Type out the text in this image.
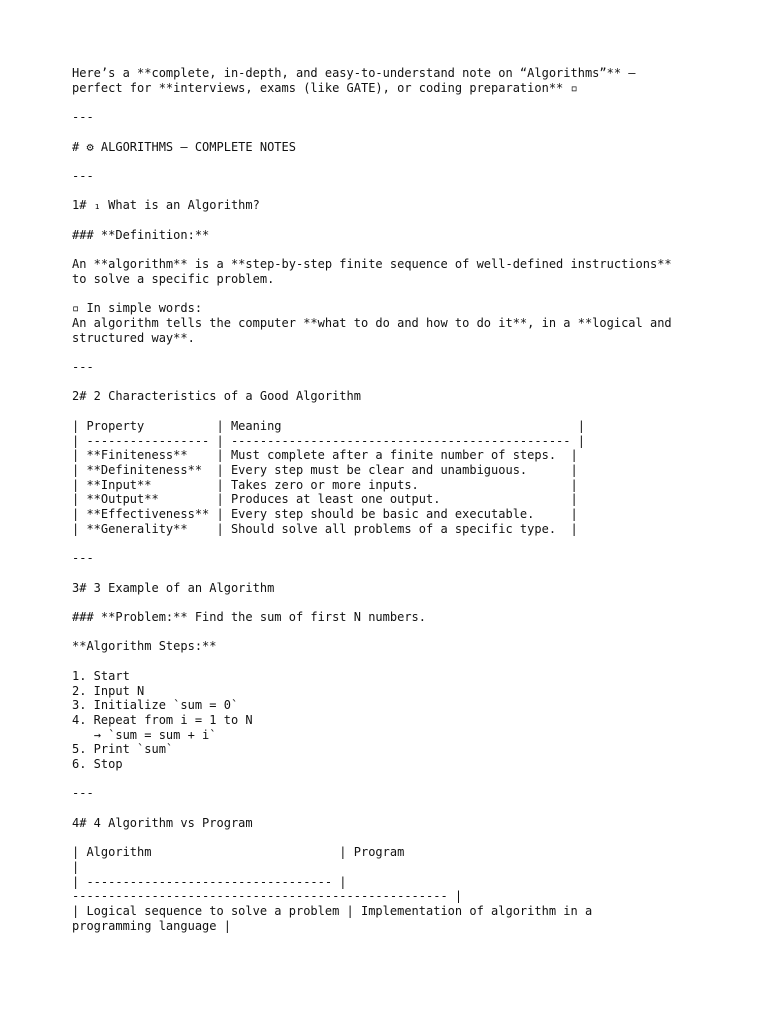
Here’s a **complete, in-depth, and easy-to-understand note on “Algorithms”** —
perfect for **interviews, exams (like GATE), or coding preparation** ▫

---

# ⚙ ALGORITHMS – COMPLETE NOTES

---

1# ₁ What is an Algorithm?

### **Definition:**

An **algorithm** is a **step-by-step finite sequence of well-defined instructions**
to solve a specific problem.

▫ In simple words:
An algorithm tells the computer **what to do and how to do it**, in a **logical and
structured way**.

---

2# 2 Characteristics of a Good Algorithm

| Property          | Meaning                                         |
| ----------------- | ----------------------------------------------- |
| **Finiteness**    | Must complete after a finite number of steps.  |
| **Definiteness**  | Every step must be clear and unambiguous.      |
| **Input**         | Takes zero or more inputs.                     |
| **Output**        | Produces at least one output.                  |
| **Effectiveness** | Every step should be basic and executable.     |
| **Generality**    | Should solve all problems of a specific type.  |

---

3# 3 Example of an Algorithm

### **Problem:** Find the sum of first N numbers.

**Algorithm Steps:**

1. Start
2. Input N
3. Initialize `sum = 0`
4. Repeat from i = 1 to N
→ `sum = sum + i`
5. Print `sum`
6. Stop

---

4# 4 Algorithm vs Program

| Algorithm                          | Program
|
| ---------------------------------- |
---------------------------------------------------- |
| Logical sequence to solve a problem | Implementation of algorithm in a
programming language |
